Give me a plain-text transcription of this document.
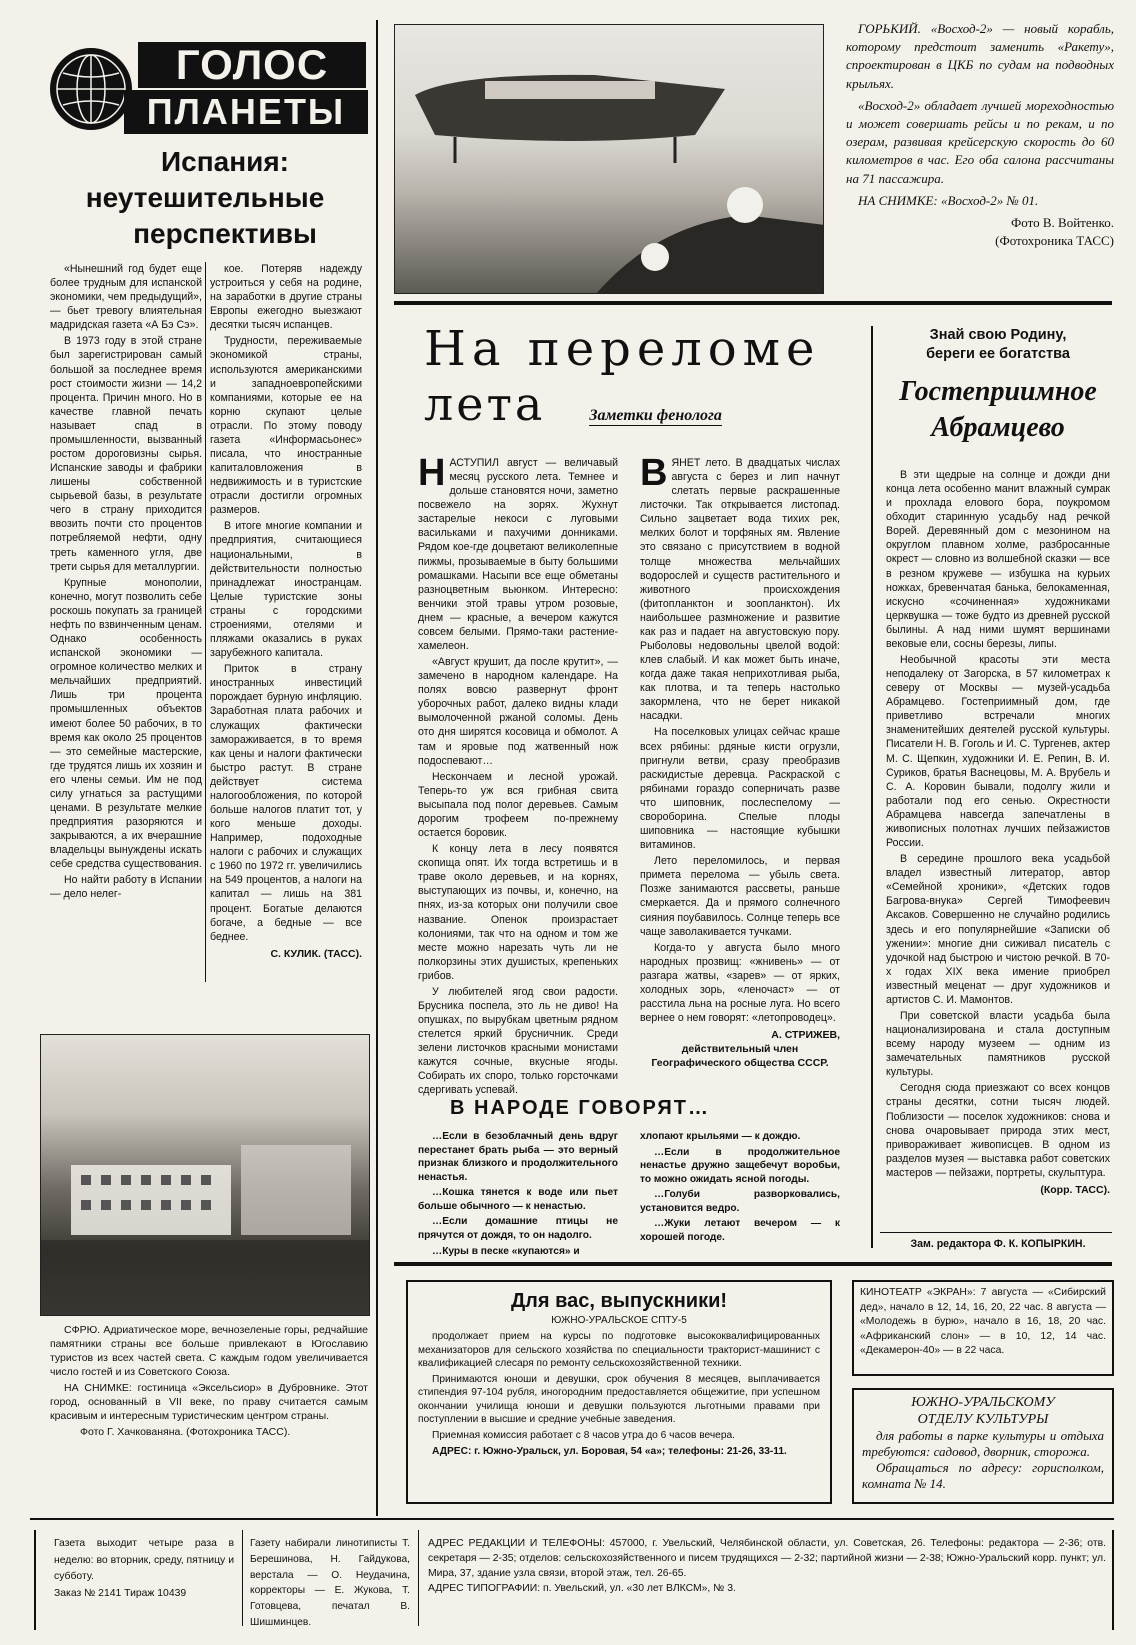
ГОЛОС
ПЛАНЕТЫ
Испания:
неутешительные
перспективы

«Нынешний год будет еще более трудным для испанской экономики, чем предыдущий», — бьет тревогу влиятельная мадридская газета «А Бэ Сэ».

В 1973 году в этой стране был зарегистрирован самый большой за последнее время рост стоимости жизни — 14,2 процента. Причин много. Но в качестве главной печать называет спад в промышленности, вызванный ростом дороговизны сырья. Испанские заводы и фабрики лишены собственной сырьевой базы, в результате чего в страну приходится ввозить почти сто процентов потребляемой нефти, одну треть каменного угля, две трети сырья для металлургии.

Крупные монополии, конечно, могут позволить себе роскошь покупать за границей нефть по взвинченным ценам. Однако особенность испанской экономики — огромное количество мелких и мельчайших предприятий. Лишь три процента промышленных объектов имеют более 50 рабочих, в то время как около 25 процентов — это семейные мастерские, где трудятся лишь их хозяин и его члены семьи. Им не под силу угнаться за растущими ценами. В результате мелкие предприятия разоряются и закрываются, а их вчерашние владельцы вынуждены искать себе средства существования.

Но найти работу в Испании — дело нелег-

кое. Потеряв надежду устроиться у себя на родине, на заработки в другие страны Европы ежегодно выезжают десятки тысяч испанцев.

Трудности, переживаемые экономикой страны, используются американскими и западноевропейскими компаниями, которые ее на корню скупают целые отрасли. По этому поводу газета «Информасьонес» писала, что иностранные капиталовложения в недвижимость и в туристские отрасли достигли огромных размеров.

В итоге многие компании и предприятия, считающиеся национальными, в действительности полностью принадлежат иностранцам. Целые туристские зоны страны с городскими строениями, отелями и пляжами оказались в руках зарубежного капитала.

Приток в страну иностранных инвестиций порождает бурную инфляцию. Заработная плата рабочих и служащих фактически замораживается, в то время как цены и налоги фактически быстро растут. В стране действует система налогообложения, по которой больше налогов платит тот, у кого меньше доходы. Например, подоходные налоги с рабочих и служащих с 1960 по 1972 гг. увеличились на 549 процентов, а налоги на капитал — лишь на 381 процент. Богатые делаются богаче, а бедные — все беднее.

С. КУЛИК. (ТАСС).

СФРЮ. Адриатическое море, вечнозеленые горы, редчайшие памятники страны все больше привлекают в Югославию туристов из всех частей света. С каждым годом увеличивается число гостей и из Советского Союза.

НА СНИМКЕ: гостиница «Эксельсиор» в Дубровнике. Этот город, основанный в VII веке, по праву считается самым красивым и интересным туристическим центром страны.

Фото Г. Хачкованяна. (Фотохроника ТАСС).

ГОРЬКИЙ. «Восход-2» — новый корабль, которому предстоит заменить «Ракету», спроектирован в ЦКБ по судам на подводных крыльях.

«Восход-2» обладает лучшей мореходностью и может совершать рейсы и по рекам, и по озерам, развивая крейсерскую скорость до 60 километров в час. Его оба салона рассчитаны на 71 пассажира.

НА СНИМКЕ: «Восход-2» № 01.

Фото В. Войтенко.
(Фотохроника ТАСС)
На переломе
лета	Заметки фенолога

НАСТУПИЛ август — величавый месяц русского лета. Темнее и дольше становятся ночи, заметно посвежело на зорях. Жухнут застарелые некоси с луговыми васильками и пахучими донниками. Рядом кое-где доцветают великолепные пижмы, прозываемые в быту большими ромашками. Насыпи все еще обметаны разноцветным вьюнком. Интересно: венчики этой травы утром розовые, днем — красные, а вечером кажутся совсем белыми. Прямо-таки растение-хамелеон.

«Август крушит, да после крутит», — замечено в народном календаре. На полях вовсю развернут фронт уборочных работ, далеко видны клади вымолоченной ржаной соломы. День ото дня ширятся косовица и обмолот. А там и яровые под жатвенный нож подоспевают…

Нескончаем и лесной урожай. Теперь-то уж вся грибная свита высыпала под полог деревьев. Самым дорогим трофеем по-прежнему остается боровик.

К концу лета в лесу появятся скопища опят. Их тогда встретишь и в траве около деревьев, и на корнях, выступающих из почвы, и, конечно, на пнях, из-за которых они получили свое название. Опенок произрастает колониями, так что на одном и том же месте можно нарезать чуть ли не полкорзины этих душистых, крепеньких грибов.

У любителей ягод свои радости. Брусника поспела, это ль не диво! На опушках, по вырубкам цветным рядном стелется яркий брусничник. Среди зелени листочков красными монистами кажутся сочные, вкусные ягоды. Собирать их споро, только горсточками сдергивать успевай.

ВЯНЕТ лето. В двадцатых числах августа с берез и лип начнут слетать первые раскрашенные листочки. Так открывается листопад. Сильно зацветает вода тихих рек, мелких болот и торфяных ям. Явление это связано с присутствием в водной толще множества мельчайших водорослей и существ растительного и животного происхождения (фитопланктон и зоопланктон). Их наибольшее размножение и развитие как раз и падает на августовскую пору. Рыболовы недовольны цвелой водой: клев слабый. И как может быть иначе, когда даже такая неприхотливая рыба, как плотва, и та теперь настолько закормлена, что не берет никакой насадки.

На поселковых улицах сейчас краше всех рябины: рдяные кисти огрузли, пригнули ветви, сразу преобразив раскидистые деревца. Раскраской с рябинами гораздо соперничать разве что шиповник, послеспелому — свороборина. Спелые плоды шиповника — настоящие кубышки витаминов.

Лето переломилось, и первая примета перелома — убыль света. Позже занимаются рассветы, раньше смеркается. Да и прямого солнечного сияния поубавилось. Солнце теперь все чаще заволакивается тучками.

Когда-то у августа было много народных прозвищ: «жнивень» — от разгара жатвы, «зарев» — от ярких, холодных зорь, «леночаст» — от расстила льна на росные луга. Но всего вернее о нем говорят: «летопроводец».

А. СТРИЖЕВ,
действительный член Географического общества СССР.
В НАРОДЕ ГОВОРЯТ…

…Если в безоблачный день вдруг перестанет брать рыба — это верный признак близкого и продолжительного ненастья.

…Кошка тянется к воде или пьет больше обычного — к ненастью.

…Если домашние птицы не прячутся от дождя, то он надолго.

…Куры в песке «купаются» и

хлопают крыльями — к дождю.

…Если в продолжительное ненастье дружно защебечут воробьи, то можно ожидать ясной погоды.

…Голуби разворковались, установится ведро.

…Жуки летают вечером — к хорошей погоде.

Знай свою Родину,
береги ее богатства
Гостеприимное
Абрамцево

В эти щедрые на солнце и дожди дни конца лета особенно манит влажный сумрак и прохлада елового бора, поукромом обходит старинную усадьбу над речкой Ворей. Деревянный дом с мезонином на округлом плавном холме, разбросанные окрест — словно из волшебной сказки — все в резном кружеве — избушка на курьих ножках, бревенчатая банька, белокаменная, искусно «сочиненная» художниками церквушка — тоже будто из древней русской былины. А над ними шумят вершинами вековые ели, сосны березы, липы.

Необычной красоты эти места неподалеку от Загорска, в 57 километрах к северу от Москвы — музей-усадьба Абрамцево. Гостеприимный дом, где приветливо встречали многих знаменитейших деятелей русской культуры. Писатели Н. В. Гоголь и И. С. Тургенев, актер М. С. Щепкин, художники И. Е. Репин, В. И. Суриков, братья Васнецовы, М. А. Врубель и С. А. Коровин бывали, подолгу жили и работали под его сенью. Окрестности Абрамцева навсегда запечатлены в живописных полотнах лучших пейзажистов России.

В середине прошлого века усадьбой владел известный литератор, автор «Семейной хроники», «Детских годов Багрова-внука» Сергей Тимофеевич Аксаков. Совершенно не случайно родились здесь и его популярнейшие «Записки об ужении»: многие дни сиживал писатель с удочкой над быстрою и чистою речкой. В 70-х годах XIX века имение приобрел известный меценат — друг художников и артистов С. И. Мамонтов.

При советской власти усадьба была национализирована и стала доступным всему народу музеем — одним из замечательных памятников русской культуры.

Сегодня сюда приезжают со всех концов страны десятки, сотни тысяч людей. Поблизости — поселок художников: снова и снова очаровывает природа этих мест, привораживает живописцев. В одном из разделов музея — выставка работ советских мастеров — пейзажи, портреты, скульптура.

(Корр. ТАСС).
Зам. редактора Ф. К. КОПЫРКИН.
Для вас, выпускники!
ЮЖНО-УРАЛЬСКОЕ СПТУ-5

продолжает прием на курсы по подготовке высококвалифицированных механизаторов для сельского хозяйства по специальности тракторист-машинист с квалификацией слесаря по ремонту сельскохозяйственной техники.

Принимаются юноши и девушки, срок обучения 8 месяцев, выплачивается стипендия 97-104 рубля, иногородним предоставляется общежитие, при успешном окончании училища юноши и девушки пользуются льготными правами при поступлении в высшие и средние учебные заведения.

Приемная комиссия работает с 8 часов утра до 6 часов вечера.

АДРЕС: г. Южно-Уральск, ул. Боровая, 54 «а»; телефоны: 21-26, 33-11.

КИНОТЕАТР «ЭКРАН»: 7 августа — «Сибирский дед», начало в 12, 14, 16, 20, 22 час. 8 августа — «Молодежь в бурю», начало в 16, 18, 20 час. «Африканский слон» — в 10, 12, 14 час. «Декамерон-40» — в 22 часа.
ЮЖНО-УРАЛЬСКОМУ
ОТДЕЛУ КУЛЬТУРЫ
для работы в парке культуры и отдыха требуются: садовод, дворник, сторожа.
Обращаться по адресу: горисполком, комната № 14.
Газета выходит четыре раза в неделю: во вторник, среду, пятницу и субботу.
Заказ № 2141 Тираж 10439
Газету набирали линотиписты Т. Берешинова, Н. Гайдукова, верстала — О. Неудачина, корректоры — Е. Жукова, Т. Готовцева, печатал В. Шишминцев.
АДРЕС РЕДАКЦИИ И ТЕЛЕФОНЫ: 457000, г. Увельский, Челябинской области, ул. Советская, 26. Телефоны: редактора — 2-36; отв. секретаря — 2-35; отделов: сельскохозяйственного и писем трудящихся — 2-32; партийной жизни — 2-38; Южно-Уральский корр. пункт; ул. Мира, 37, здание узла связи, второй этаж, тел. 26-65.
АДРЕС ТИПОГРАФИИ: п. Увельский, ул. «30 лет ВЛКСМ», № 3.
